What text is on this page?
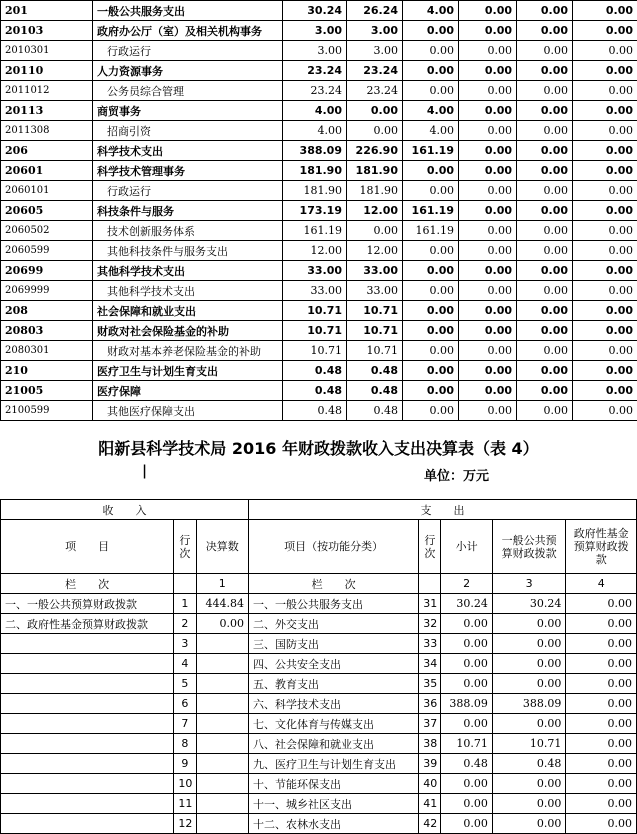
201	一般公共服务支出	30.24	26.24	4.00	0.00	0.00	0.00
20103	政府办公厅（室）及相关机构事务	3.00	3.00	0.00	0.00	0.00	0.00
2010301	行政运行	3.00	3.00	0.00	0.00	0.00	0.00
20110	人力资源事务	23.24	23.24	0.00	0.00	0.00	0.00
2011012	公务员综合管理	23.24	23.24	0.00	0.00	0.00	0.00
20113	商贸事务	4.00	0.00	4.00	0.00	0.00	0.00
2011308	招商引资	4.00	0.00	4.00	0.00	0.00	0.00
206	科学技术支出	388.09	226.90	161.19	0.00	0.00	0.00
20601	科学技术管理事务	181.90	181.90	0.00	0.00	0.00	0.00
2060101	行政运行	181.90	181.90	0.00	0.00	0.00	0.00
20605	科技条件与服务	173.19	12.00	161.19	0.00	0.00	0.00
2060502	技术创新服务体系	161.19	0.00	161.19	0.00	0.00	0.00
2060599	其他科技条件与服务支出	12.00	12.00	0.00	0.00	0.00	0.00
20699	其他科学技术支出	33.00	33.00	0.00	0.00	0.00	0.00
2069999	其他科学技术支出	33.00	33.00	0.00	0.00	0.00	0.00
208	社会保障和就业支出	10.71	10.71	0.00	0.00	0.00	0.00
20803	财政对社会保险基金的补助	10.71	10.71	0.00	0.00	0.00	0.00
2080301	财政对基本养老保险基金的补助	10.71	10.71	0.00	0.00	0.00	0.00
210	医疗卫生与计划生育支出	0.48	0.48	0.00	0.00	0.00	0.00
21005	医疗保障	0.48	0.48	0.00	0.00	0.00	0.00
2100599	其他医疗保障支出	0.48	0.48	0.00	0.00	0.00	0.00
阳新县科学技术局 2016 年财政拨款收入支出决算表（表 4）
|	单位：万元
收　　入			支　　出				
项　　目	行次	决算数	项目（按功能分类）	行次	小计	一般公共预算财政拨款	政府性基金预算财政拨款
栏　　次		1	栏　　次		2	3	4
一、一般公共预算财政拨款	1	444.84	一、一般公共服务支出	31	30.24	30.24	0.00
二、政府性基金预算财政拨款	2	0.00	二、外交支出	32	0.00	0.00	0.00
	3		三、国防支出	33	0.00	0.00	0.00
	4		四、公共安全支出	34	0.00	0.00	0.00
	5		五、教育支出	35	0.00	0.00	0.00
	6		六、科学技术支出	36	388.09	388.09	0.00
	7		七、文化体育与传媒支出	37	0.00	0.00	0.00
	8		八、社会保障和就业支出	38	10.71	10.71	0.00
	9		九、医疗卫生与计划生育支出	39	0.48	0.48	0.00
	10		十、节能环保支出	40	0.00	0.00	0.00
	11		十一、城乡社区支出	41	0.00	0.00	0.00
	12		十二、农林水支出	42	0.00	0.00	0.00
